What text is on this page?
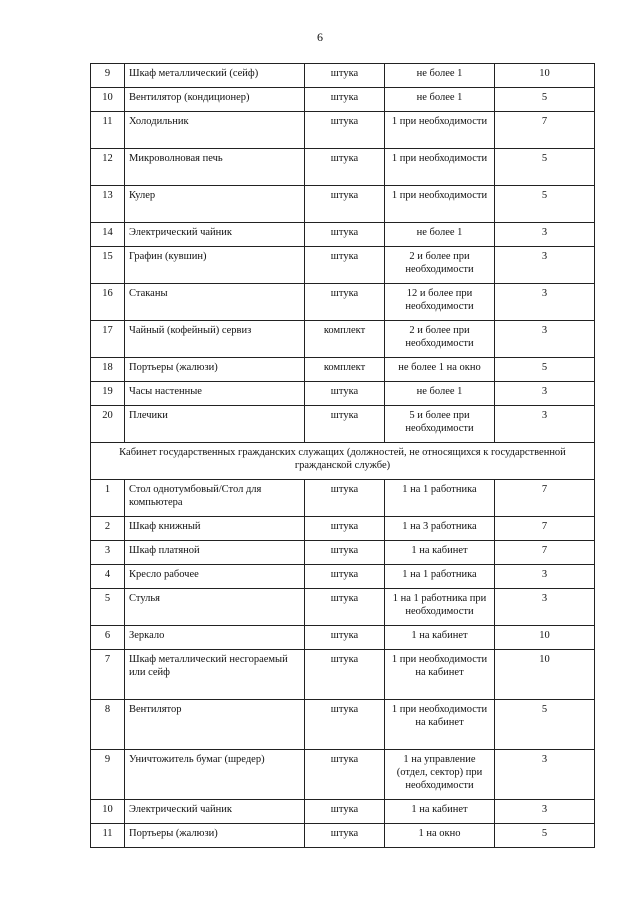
6
9	Шкаф металлический (сейф)	штука	не более 1	10
10	Вентилятор (кондиционер)	штука	не более 1	5
11	Холодильник	штука	1 при необходимости	7
12	Микроволновая печь	штука	1 при необходимости	5
13	Кулер	штука	1 при необходимости	5
14	Электрический чайник	штука	не более 1	3
15	Графин (кувшин)	штука	2 и более при необходимости	3
16	Стаканы	штука	12 и более при необходимости	3
17	Чайный (кофейный) сервиз	комплект	2 и более при необходимости	3
18	Портьеры (жалюзи)	комплект	не более 1 на окно	5
19	Часы настенные	штука	не более 1	3
20	Плечики	штука	5 и более при необходимости	3
Кабинет государственных гражданских служащих (должностей, не относящихся к государственной гражданской службе)				
1	Стол однотумбовый/Стол для компьютера	штука	1 на 1 работника	7
2	Шкаф книжный	штука	1 на 3 работника	7
3	Шкаф платяной	штука	1 на кабинет	7
4	Кресло рабочее	штука	1 на 1 работника	3
5	Стулья	штука	1 на 1 работника при необходимости	3
6	Зеркало	штука	1 на кабинет	10
7	Шкаф металлический несгораемый или сейф	штука	1 при необходимости на кабинет	10
8	Вентилятор	штука	1 при необходимости на кабинет	5
9	Уничтожитель бумаг (шредер)	штука	1 на управление (отдел, сектор) при необходимости	3
10	Электрический чайник	штука	1 на кабинет	3
11	Портьеры (жалюзи)	штука	1 на окно	5
